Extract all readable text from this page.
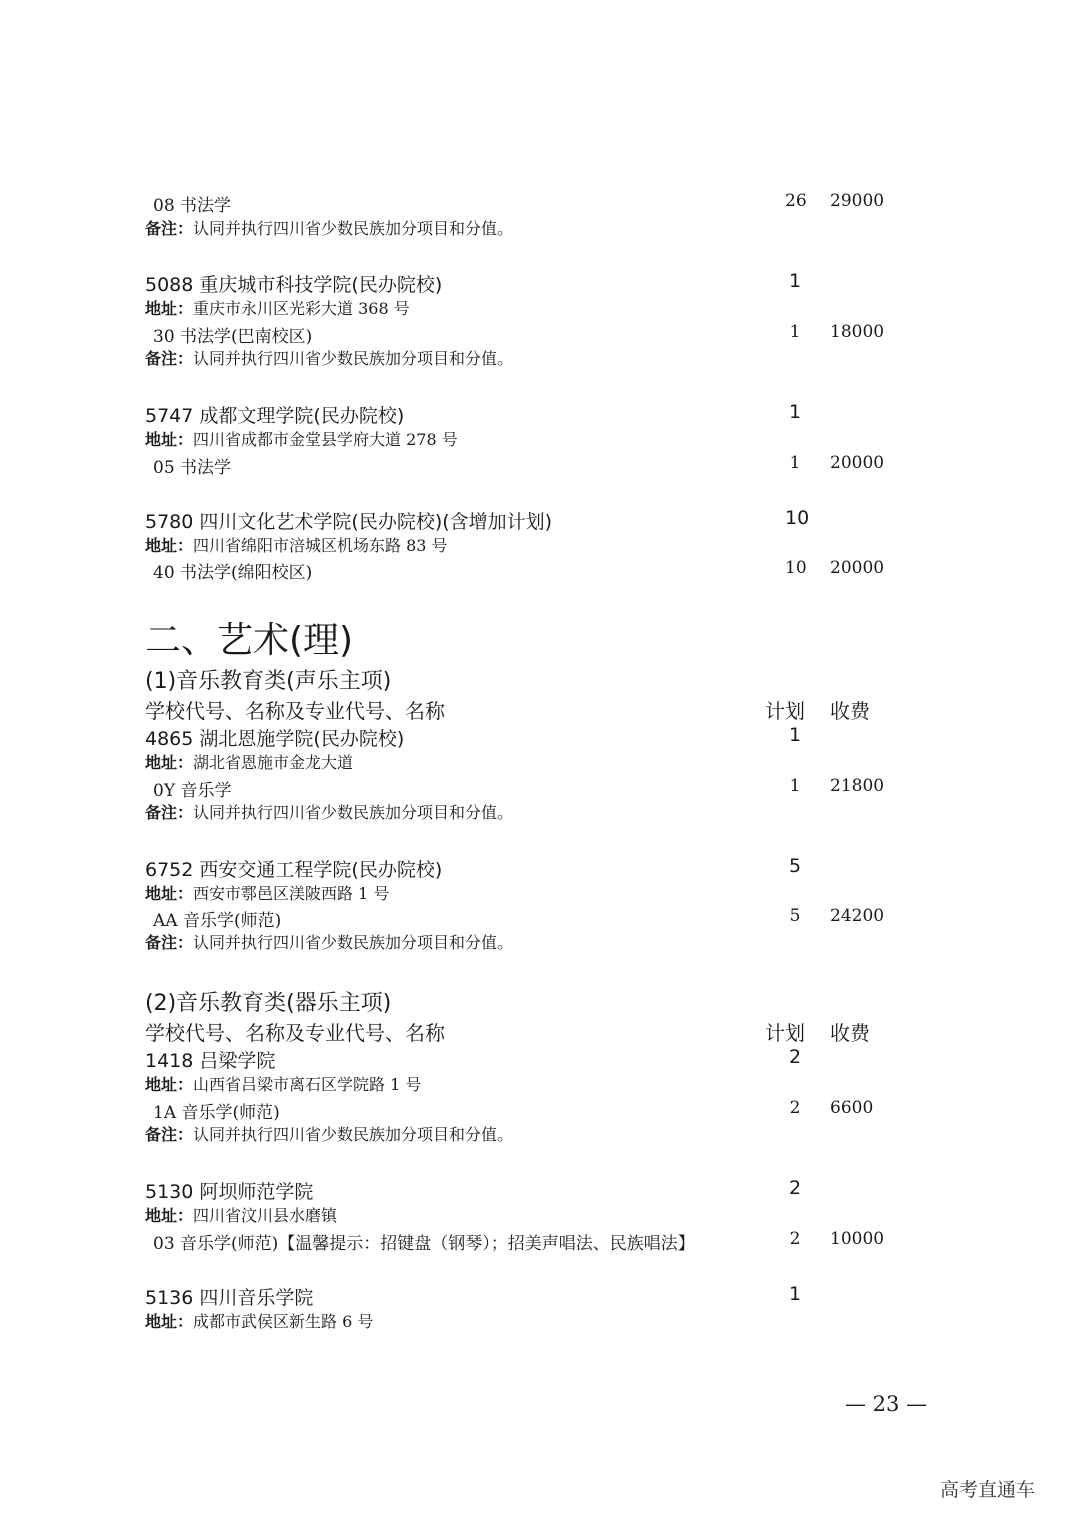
08 书法学	26 29000
备注：认同并执行四川省少数民族加分项目和分值。
5088 重庆城市科技学院(民办院校)	1
地址：重庆市永川区光彩大道 368 号
30 书法学(巴南校区)	1 18000
备注：认同并执行四川省少数民族加分项目和分值。
5747 成都文理学院(民办院校)	1
地址：四川省成都市金堂县学府大道 278 号
05 书法学	1 20000
5780 四川文化艺术学院(民办院校)(含增加计划)	10
地址：四川省绵阳市涪城区机场东路 83 号
40 书法学(绵阳校区)	10 20000
二、艺术(理)
(1)音乐教育类(声乐主项)
学校代号、名称及专业代号、名称	计划 收费
4865 湖北恩施学院(民办院校)	1
地址：湖北省恩施市金龙大道
0Y 音乐学	1 21800
备注：认同并执行四川省少数民族加分项目和分值。
6752 西安交通工程学院(民办院校)	5
地址：西安市鄠邑区渼陂西路 1 号
AA 音乐学(师范)	5 24200
备注：认同并执行四川省少数民族加分项目和分值。
(2)音乐教育类(器乐主项)
学校代号、名称及专业代号、名称	计划 收费
1418 吕梁学院	2
地址：山西省吕梁市离石区学院路 1 号
1A 音乐学(师范)	2 6600
备注：认同并执行四川省少数民族加分项目和分值。
5130 阿坝师范学院	2
地址：四川省汶川县水磨镇
03 音乐学(师范)【温馨提示：招键盘（钢琴）；招美声唱法、民族唱法】	2 10000
5136 四川音乐学院	1
地址：成都市武侯区新生路 6 号
— 23 —
高考直通车
